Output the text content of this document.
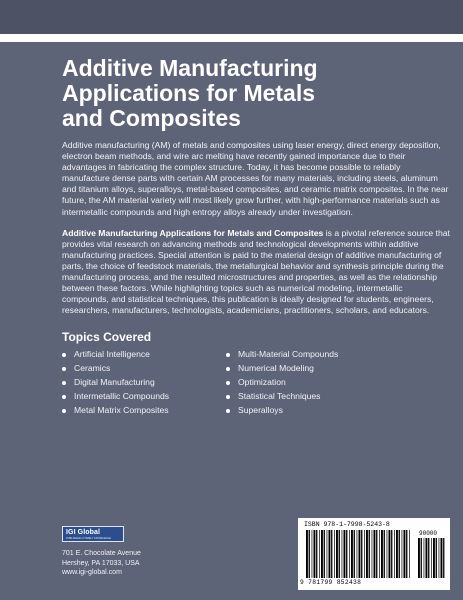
Additive Manufacturing Applications for Metals and Composites

Additive manufacturing (AM) of metals and composites using laser energy, direct energy deposition, electron beam methods, and wire arc melting have recently gained importance due to their advantages in fabricating the complex structure. Today, it has become possible to reliably manufacture dense parts with certain AM processes for many materials, including steels, aluminum and titanium alloys, superalloys, metal-based composites, and ceramic matrix composites. In the near future, the AM material variety will most likely grow further, with high-performance materials such as intermetallic compounds and high entropy alloys already under investigation.

Additive Manufacturing Applications for Metals and Composites is a pivotal reference source that provides vital research on advancing methods and technological developments within additive manufacturing practices. Special attention is paid to the material design of additive manufacturing of parts, the choice of feedstock materials, the metallurgical behavior and synthesis principle during the manufacturing process, and the resulted microstructures and properties, as well as the relationship between these factors. While highlighting topics such as numerical modeling, intermetallic compounds, and statistical techniques, this publication is ideally designed for students, engineers, researchers, manufacturers, technologists, academicians, practitioners, scholars, and educators.

Topics Covered
Artificial Intelligence
Ceramics
Digital Manufacturing
Intermetallic Compounds
Metal Matrix Composites
Multi-Material Compounds
Numerical Modeling
Optimization
Statistical Techniques
Superalloys
IGI Global
PUBLISHER of TIMELY KNOWLEDGE
701 E. Chocolate Avenue
Hershey, PA 17033, USA
www.igi-global.com
ISBN 978-1-7998-5243-8
90000
9 781799 852438
